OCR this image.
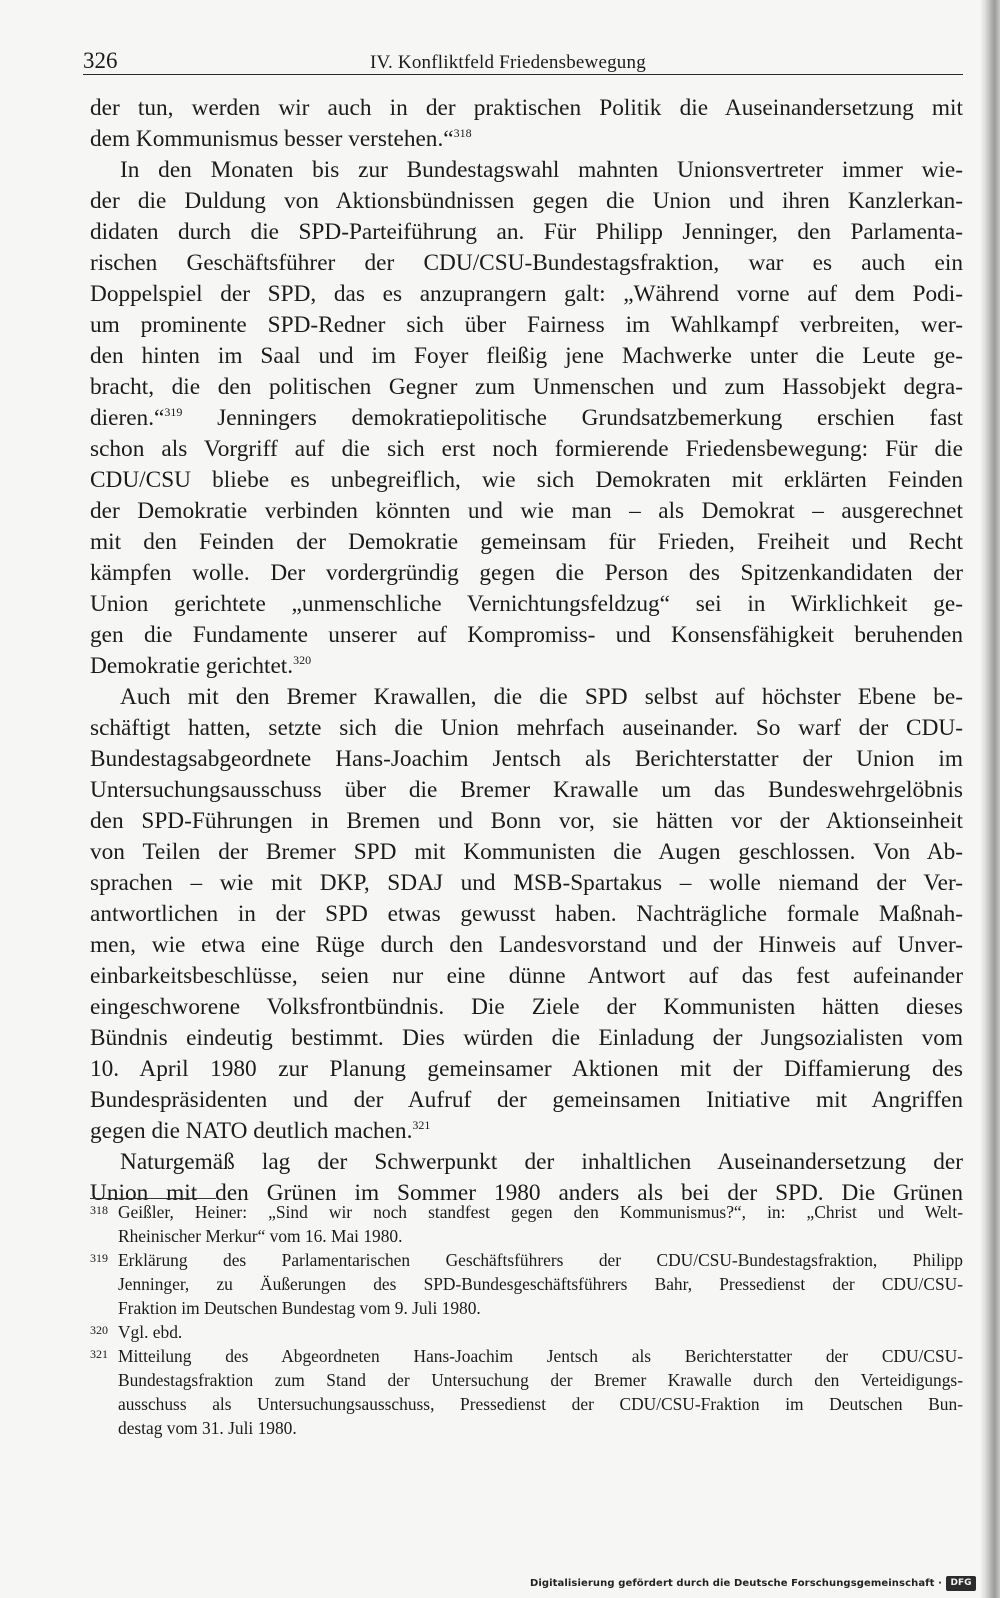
326	IV. Konfliktfeld Friedensbewegung
der tun, werden wir auch in der praktischen Politik die Auseinandersetzung mit
dem Kommunismus besser verstehen.“$^{318}$
In den Monaten bis zur Bundestagswahl mahnten Unionsvertreter immer wie-
der die Duldung von Aktionsbündnissen gegen die Union und ihren Kanzlerkan-
didaten durch die SPD-Parteiführung an. Für Philipp Jenninger, den Parlamenta-
rischen Geschäftsführer der CDU/CSU-Bundestagsfraktion, war es auch ein
Doppelspiel der SPD, das es anzuprangern galt: „Während vorne auf dem Podi-
um prominente SPD-Redner sich über Fairness im Wahlkampf verbreiten, wer-
den hinten im Saal und im Foyer fleißig jene Machwerke unter die Leute ge-
bracht, die den politischen Gegner zum Unmenschen und zum Hassobjekt degra-
dieren.“$^{319}$ Jenningers demokratiepolitische Grundsatzbemerkung erschien fast
schon als Vorgriff auf die sich erst noch formierende Friedensbewegung: Für die
CDU/CSU bliebe es unbegreiflich, wie sich Demokraten mit erklärten Feinden
der Demokratie verbinden könnten und wie man – als Demokrat – ausgerechnet
mit den Feinden der Demokratie gemeinsam für Frieden, Freiheit und Recht
kämpfen wolle. Der vordergründig gegen die Person des Spitzenkandidaten der
Union gerichtete „unmenschliche Vernichtungsfeldzug“ sei in Wirklichkeit ge-
gen die Fundamente unserer auf Kompromiss- und Konsensfähigkeit beruhenden
Demokratie gerichtet.$^{320}$
Auch mit den Bremer Krawallen, die die SPD selbst auf höchster Ebene be-
schäftigt hatten, setzte sich die Union mehrfach auseinander. So warf der CDU-
Bundestagsabgeordnete Hans-Joachim Jentsch als Berichterstatter der Union im
Untersuchungsausschuss über die Bremer Krawalle um das Bundeswehrgelöbnis
den SPD-Führungen in Bremen und Bonn vor, sie hätten vor der Aktionseinheit
von Teilen der Bremer SPD mit Kommunisten die Augen geschlossen. Von Ab-
sprachen – wie mit DKP, SDAJ und MSB-Spartakus – wolle niemand der Ver-
antwortlichen in der SPD etwas gewusst haben. Nachträgliche formale Maßnah-
men, wie etwa eine Rüge durch den Landesvorstand und der Hinweis auf Unver-
einbarkeitsbeschlüsse, seien nur eine dünne Antwort auf das fest aufeinander
eingeschworene Volksfrontbündnis. Die Ziele der Kommunisten hätten dieses
Bündnis eindeutig bestimmt. Dies würden die Einladung der Jungsozialisten vom
10. April 1980 zur Planung gemeinsamer Aktionen mit der Diffamierung des
Bundespräsidenten und der Aufruf der gemeinsamen Initiative mit Angriffen
gegen die NATO deutlich machen.$^{321}$
Naturgemäß lag der Schwerpunkt der inhaltlichen Auseinandersetzung der
Union mit den Grünen im Sommer 1980 anders als bei der SPD. Die Grünen
318 Geißler, Heiner: „Sind wir noch standfest gegen den Kommunismus?“, in: „Christ und Welt-
Rheinischer Merkur“ vom 16. Mai 1980.
319 Erklärung des Parlamentarischen Geschäftsführers der CDU/CSU-Bundestagsfraktion, Philipp
Jenninger, zu Äußerungen des SPD-Bundesgeschäftsführers Bahr, Pressedienst der CDU/CSU-
Fraktion im Deutschen Bundestag vom 9. Juli 1980.
320 Vgl. ebd.
321 Mitteilung des Abgeordneten Hans-Joachim Jentsch als Berichterstatter der CDU/CSU-
Bundestagsfraktion zum Stand der Untersuchung der Bremer Krawalle durch den Verteidigungs-
ausschuss als Untersuchungsausschuss, Pressedienst der CDU/CSU-Fraktion im Deutschen Bun-
destag vom 31. Juli 1980.
Digitalisierung gefördert durch die Deutsche Forschungsgemeinschaft · DFG
